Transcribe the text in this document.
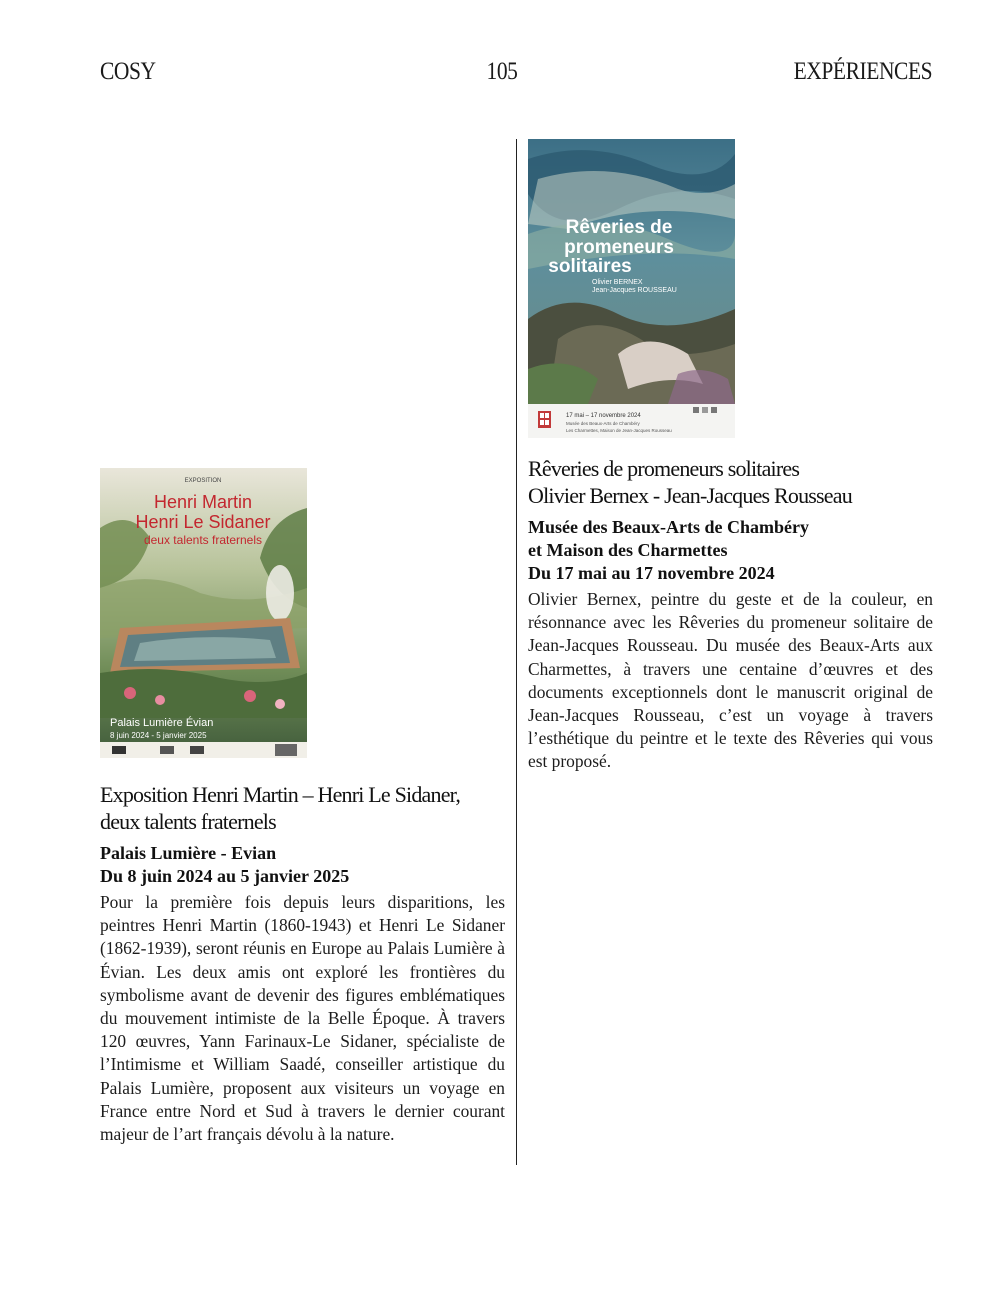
COSY	105	EXPÉRIENCES
Rêveries de
promeneurs
solitaires
Olivier BERNEX
Jean-Jacques ROUSSEAU
17 mai – 17 novembre 2024
Musée des Beaux-Arts de Chambéry
Les Charmettes, Maison de Jean-Jacques Rousseau
EXPOSITION
Henri Martin
Henri Le Sidaner
deux talents fraternels
Palais Lumière Évian
8 juin 2024 - 5 janvier 2025

Rêveries de promeneurs solitaires

Olivier Bernex - Jean-Jacques Rousseau

Musée des Beaux-Arts de Chambéry

et Maison des Charmettes

Du 17 mai au 17 novembre 2024

Olivier Bernex, peintre du geste et de la couleur, en résonnance avec les Rêveries du promeneur solitaire de Jean-Jacques Rousseau. Du musée des Beaux-Arts aux Charmettes, à travers une centaine d’œuvres et des documents exceptionnels dont le manuscrit original de Jean-Jacques Rousseau, c’est un voyage à travers l’esthétique du peintre et le texte des Rêveries qui vous est proposé.

Exposition Henri Martin – Henri Le Sidaner,

deux talents fraternels

Palais Lumière - Evian

Du 8 juin 2024 au 5 janvier 2025

Pour la première fois depuis leurs disparitions, les peintres Henri Martin (1860-1943) et Henri Le Sidaner (1862-1939), seront réunis en Europe au Palais Lumière à Évian. Les deux amis ont exploré les frontières du symbolisme avant de devenir des figures emblématiques du mouvement intimiste de la Belle Époque. À travers 120 œuvres, Yann Farinaux-Le Sidaner, spécialiste de l’Intimisme et William Saadé, conseiller artistique du Palais Lumière, proposent aux visiteurs un voyage en France entre Nord et Sud à travers le dernier courant majeur de l’art français dévolu à la nature.
